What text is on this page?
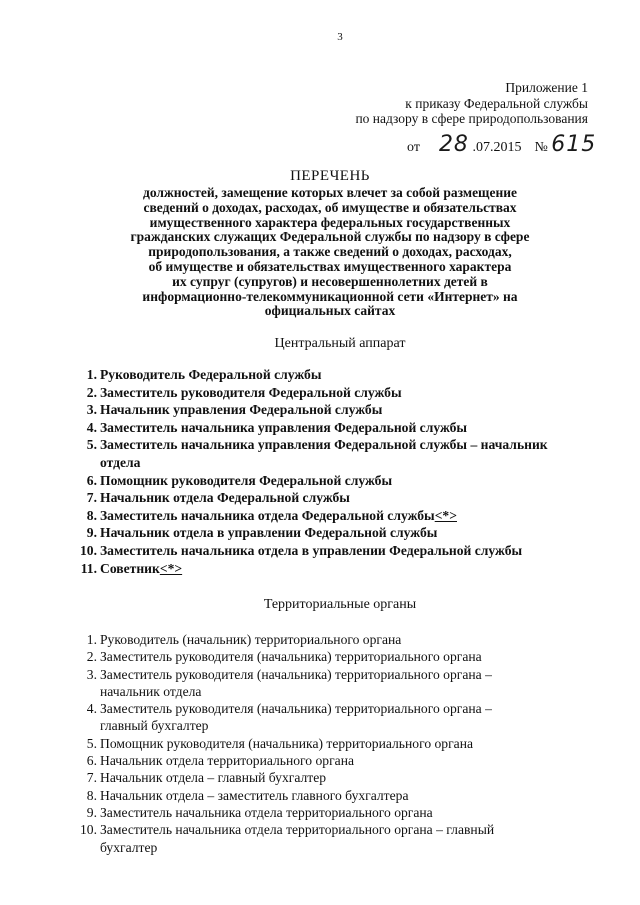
3
Приложение 1
к приказу Федеральной службы
по надзору в сфере природопользования
от 28 .07.2015 № 615
ПЕРЕЧЕНЬ
должностей, замещение которых влечет за собой размещение
сведений о доходах, расходах, об имуществе и обязательствах
имущественного характера федеральных государственных
гражданских служащих Федеральной службы по надзору в сфере
природопользования, а также сведений о доходах, расходах,
об имуществе и обязательствах имущественного характера
их супруг (супругов) и несовершеннолетних детей в
информационно-телекоммуникационной сети «Интернет» на
официальных сайтах
Центральный аппарат
1. Руководитель Федеральной службы
2. Заместитель руководителя Федеральной службы
3. Начальник управления Федеральной службы
4. Заместитель начальника управления Федеральной службы
5. Заместитель начальника управления Федеральной службы – начальник
отдела
6. Помощник руководителя Федеральной службы
7. Начальник отдела Федеральной службы
8. Заместитель начальника отдела Федеральной службы<*>
9. Начальник отдела в управлении Федеральной службы
10. Заместитель начальника отдела в управлении Федеральной службы
11. Советник<*>
Территориальные органы
1. Руководитель (начальник) территориального органа
2. Заместитель руководителя (начальника) территориального органа
3. Заместитель руководителя (начальника) территориального органа –
начальник отдела
4. Заместитель руководителя (начальника) территориального органа –
главный бухгалтер
5. Помощник руководителя (начальника) территориального органа
6. Начальник отдела территориального органа
7. Начальник отдела – главный бухгалтер
8. Начальник отдела – заместитель главного бухгалтера
9. Заместитель начальника отдела территориального органа
10. Заместитель начальника отдела территориального органа – главный
бухгалтер
